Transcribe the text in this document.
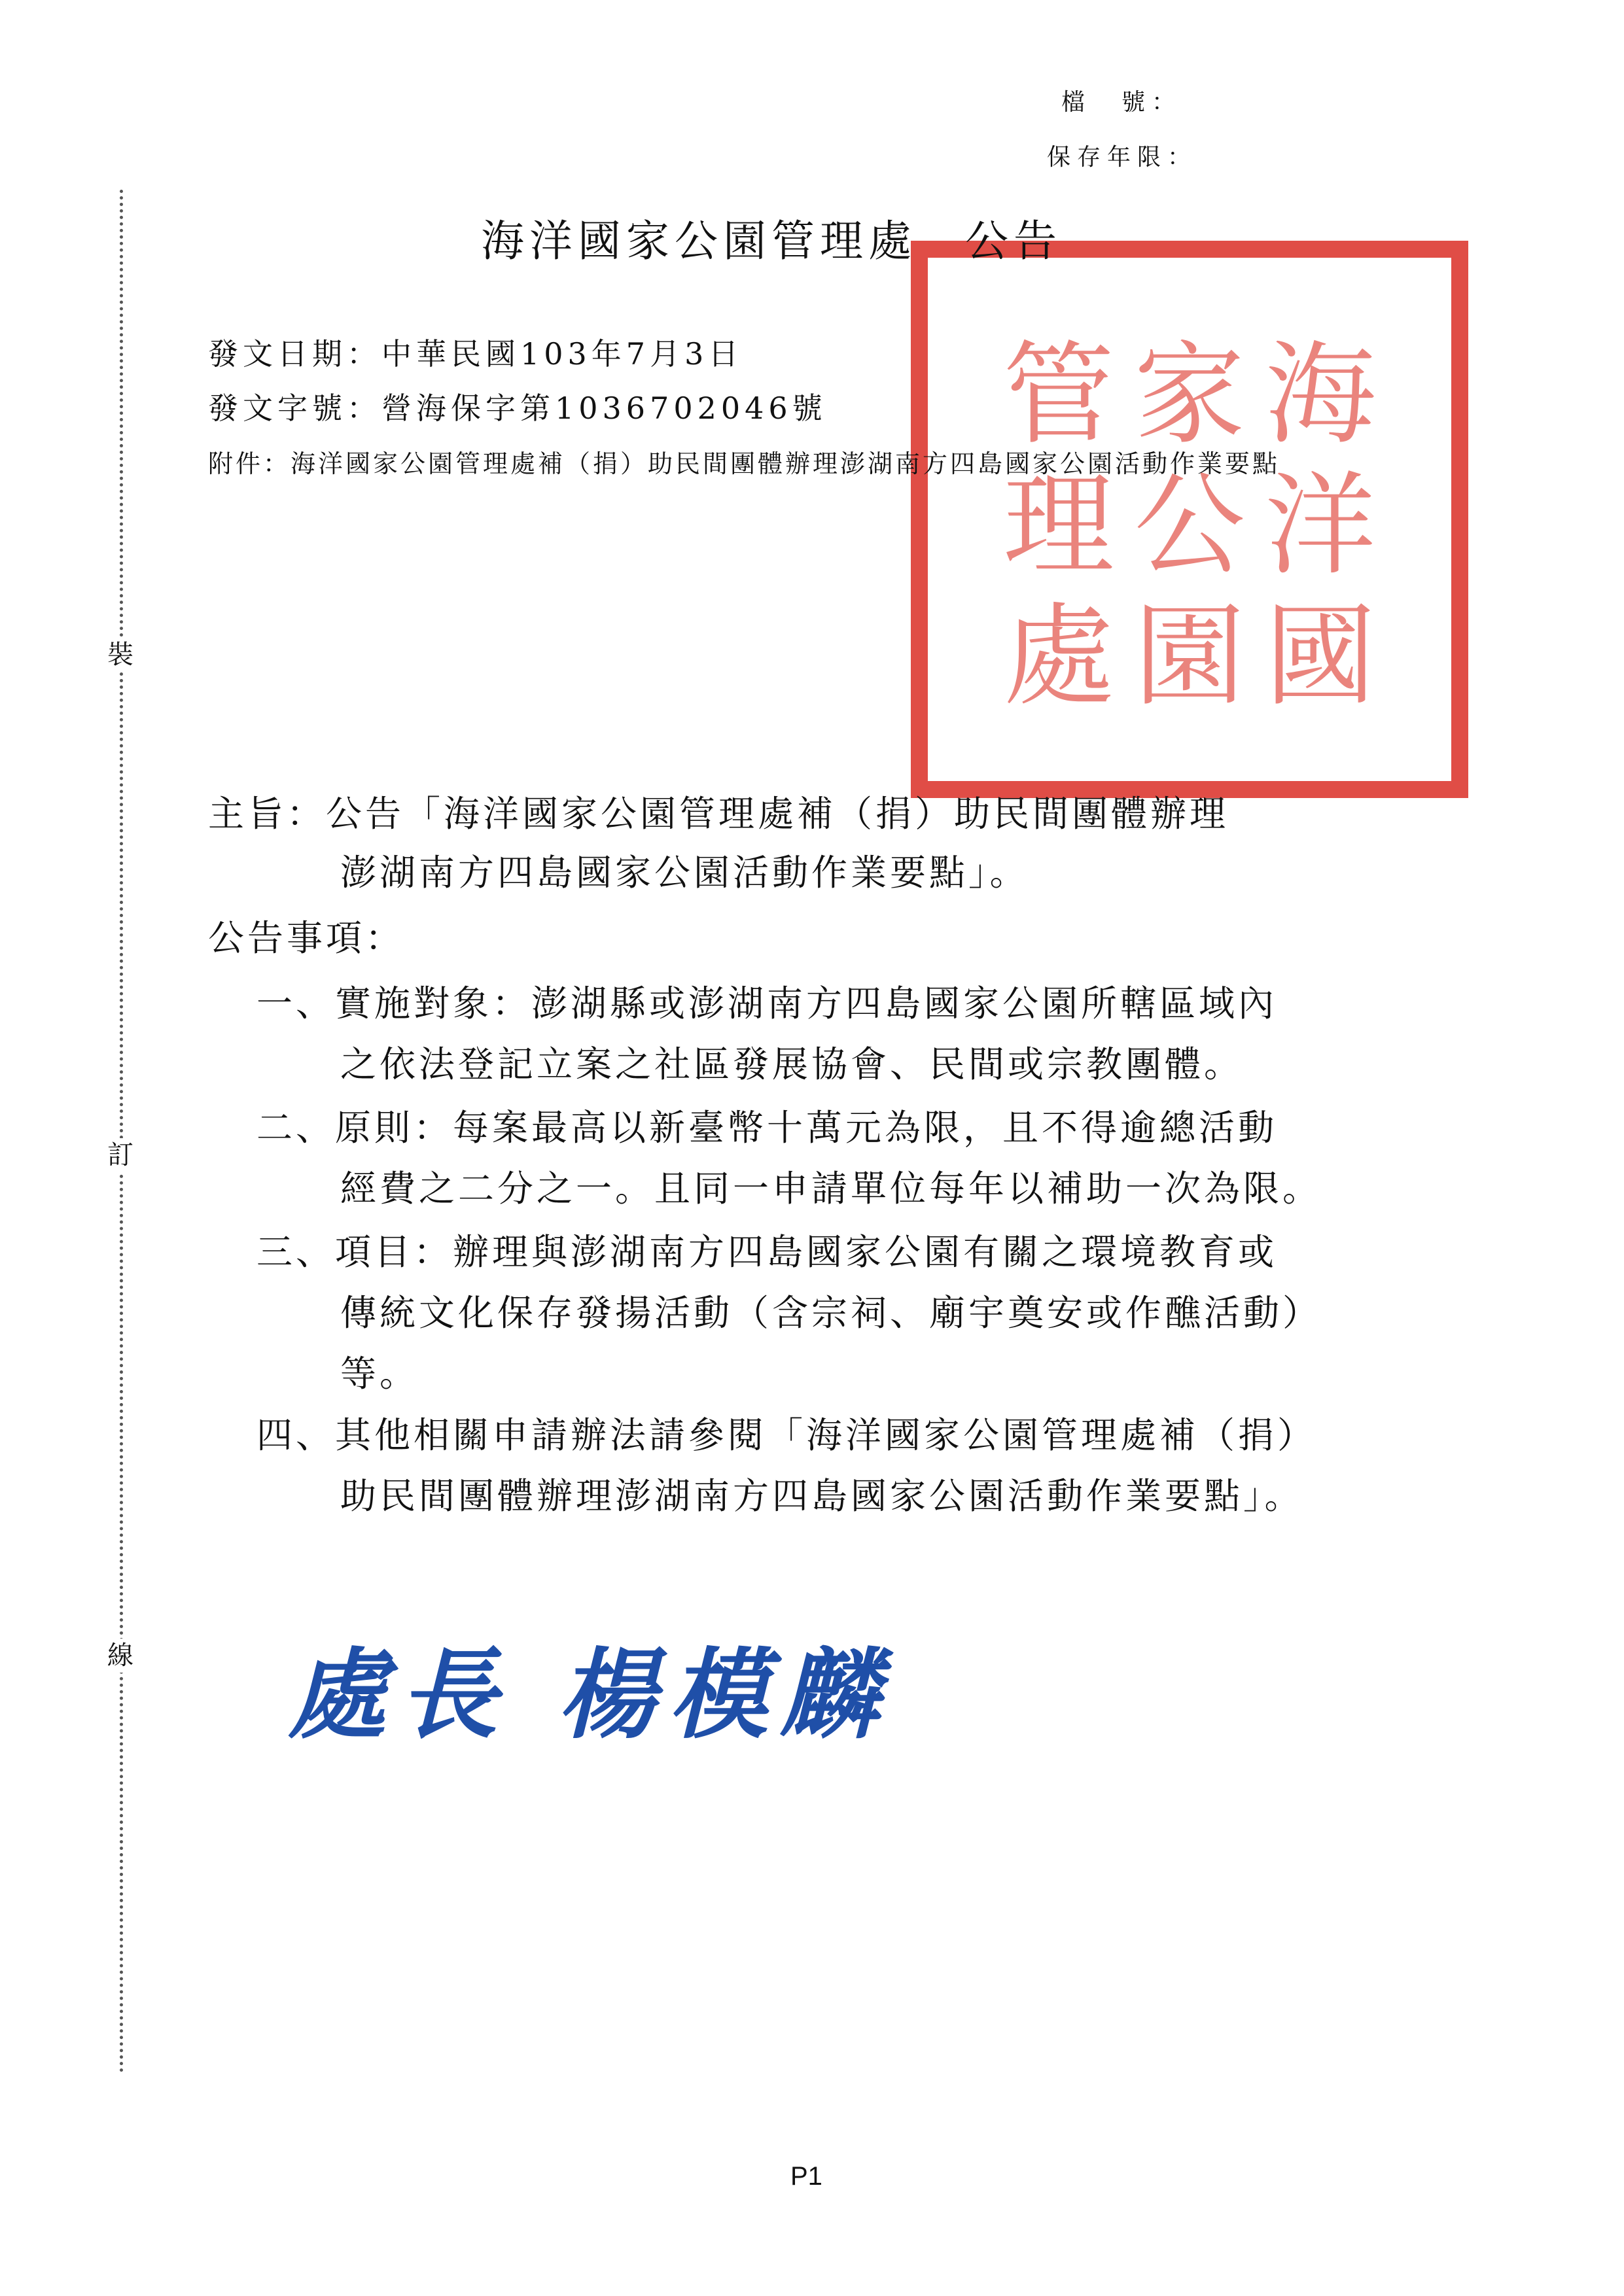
檔　號：
保存年限：
裝
訂
線
海
家
管
洋
公
理
國
園
處
海洋國家公園管理處　公告
發文日期：中華民國103年7月3日
發文字號：營海保字第1036702046號
附件：海洋國家公園管理處補（捐）助民間團體辦理澎湖南方四島國家公園活動作業要點
主旨：公告「海洋國家公園管理處補（捐）助民間團體辦理
澎湖南方四島國家公園活動作業要點」。
公告事項：
一、實施對象：澎湖縣或澎湖南方四島國家公園所轄區域內
之依法登記立案之社區發展協會、民間或宗教團體。
二、原則：每案最高以新臺幣十萬元為限，且不得逾總活動
經費之二分之一。且同一申請單位每年以補助一次為限。
三、項目：辦理與澎湖南方四島國家公園有關之環境教育或
傳統文化保存發揚活動（含宗祠、廟宇奠安或作醮活動）
等。
四、其他相關申請辦法請參閱「海洋國家公園管理處補（捐）
助民間團體辦理澎湖南方四島國家公園活動作業要點」。
處長 楊模麟
P1
